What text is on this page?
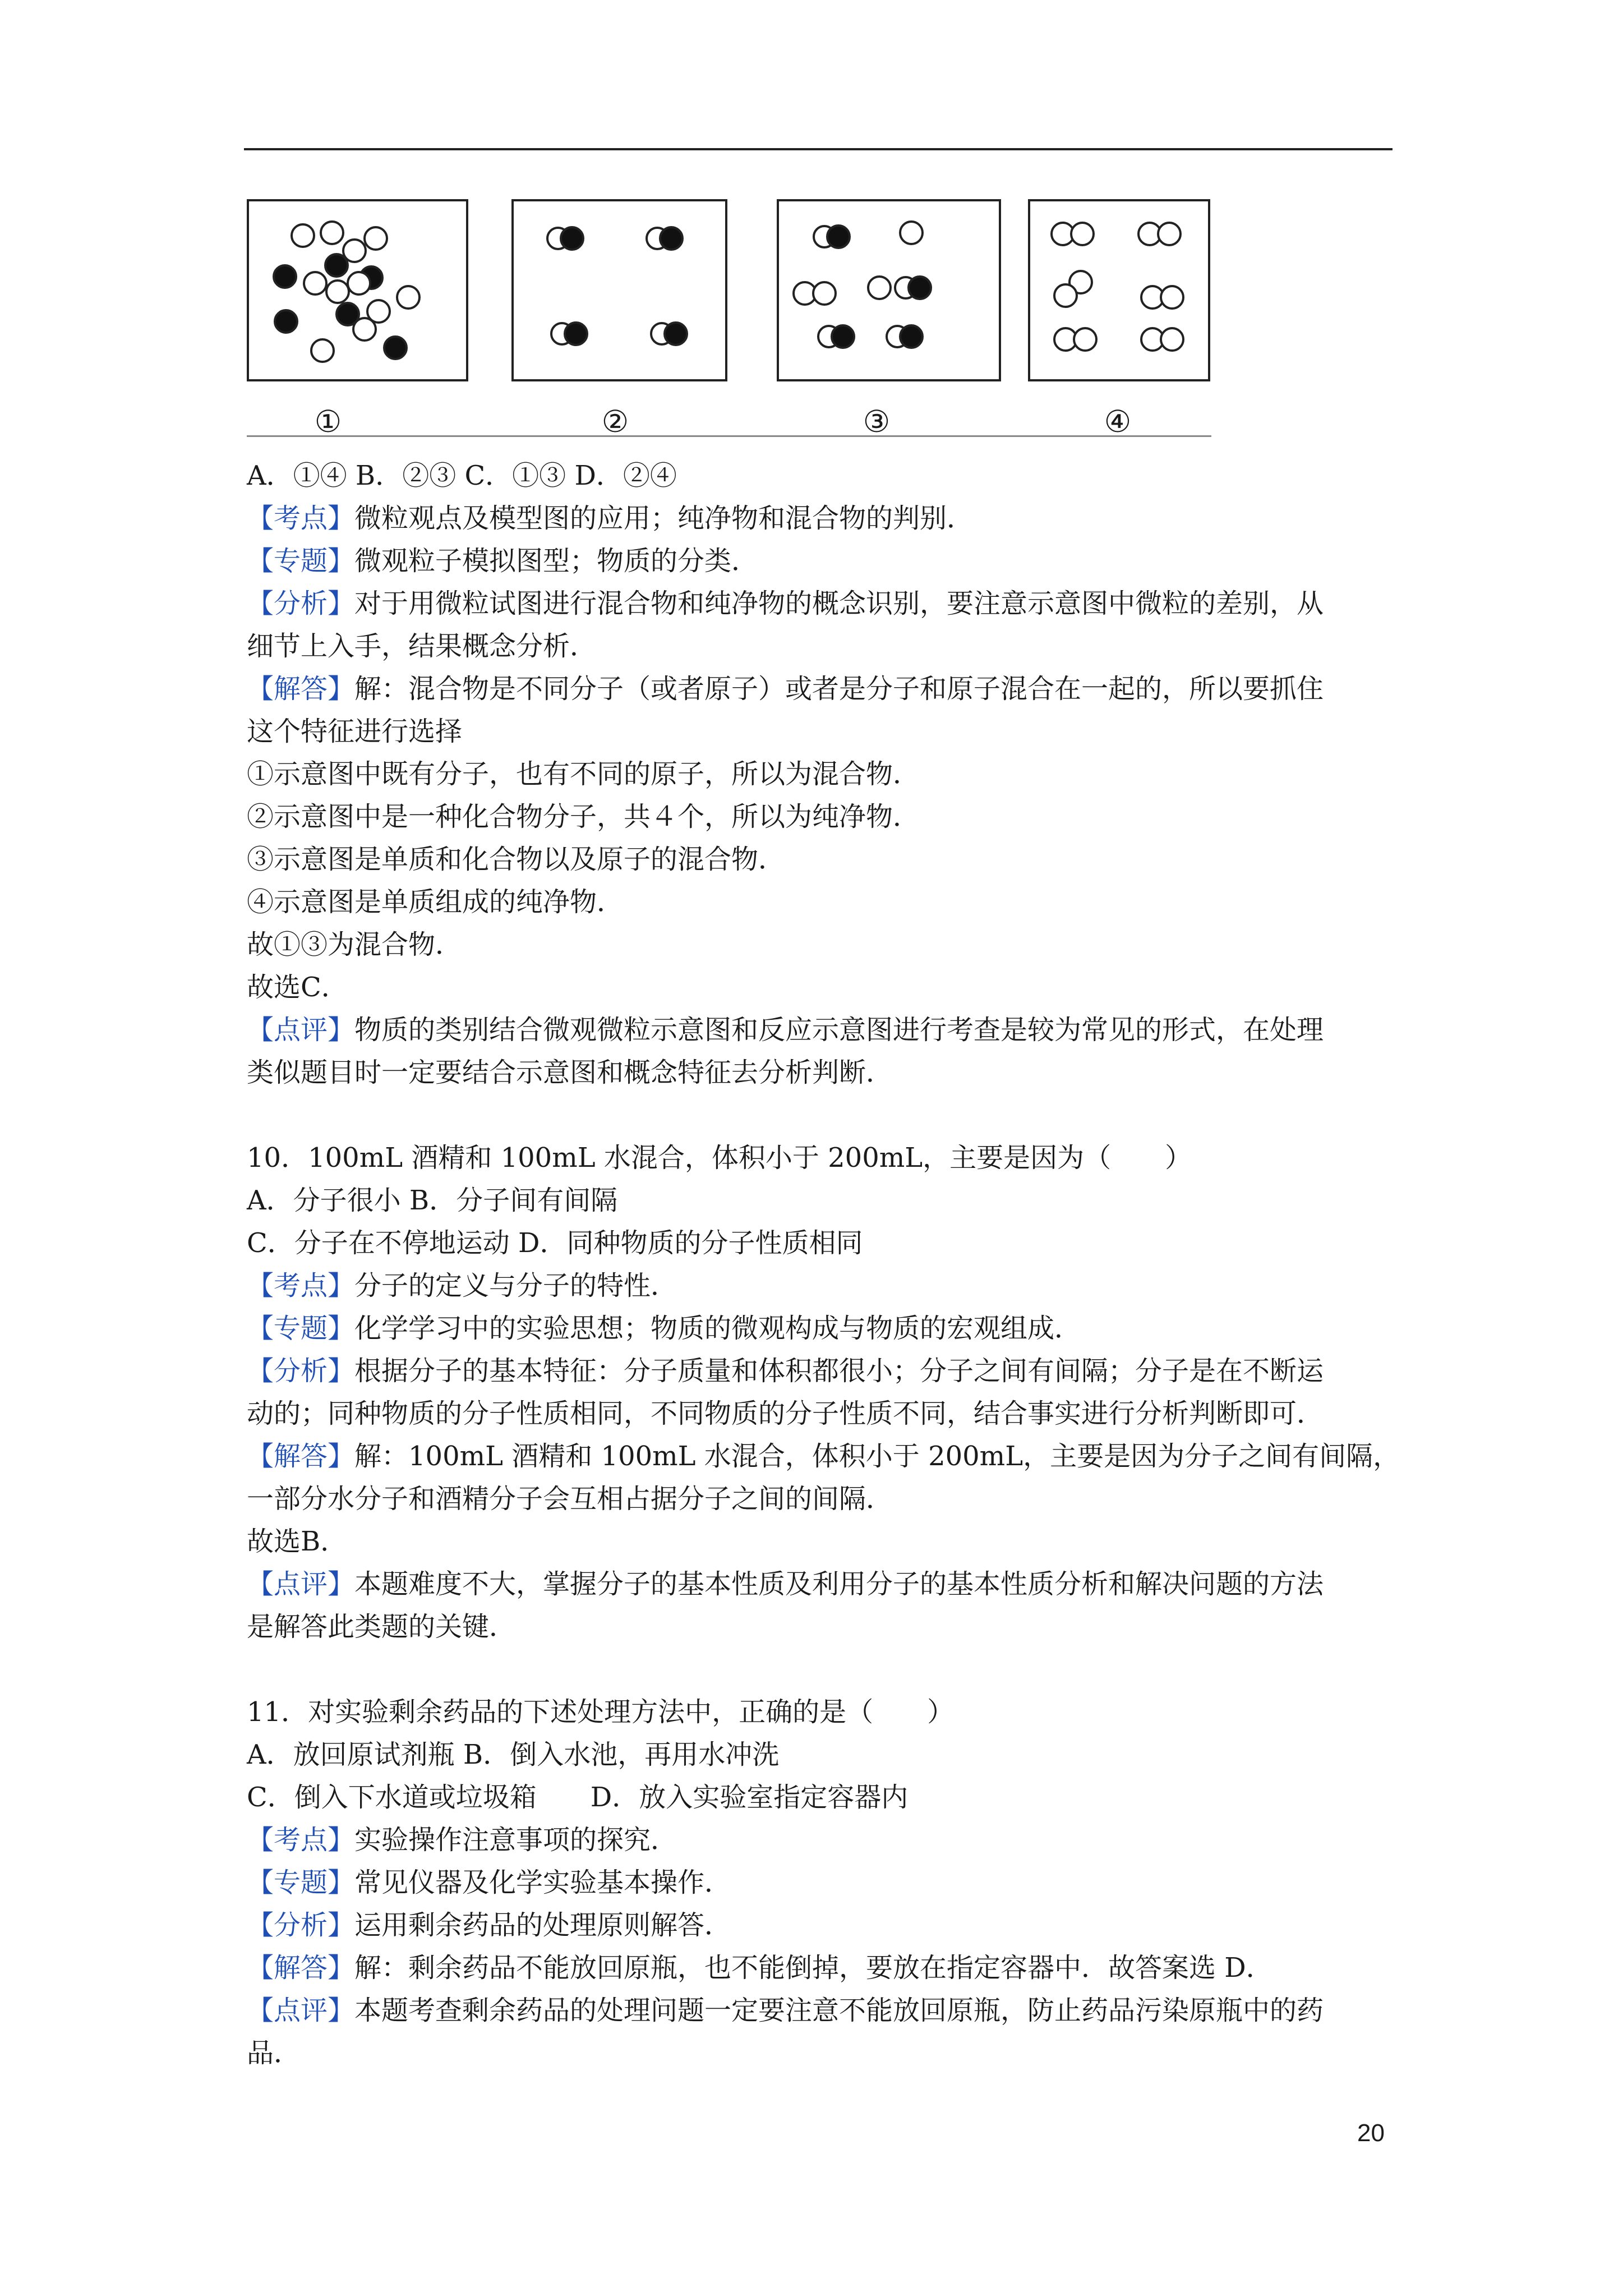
①	②	③	④
A．①④ B．②③ C．①③ D．②④
【考点】微粒观点及模型图的应用；纯净物和混合物的判别．
【专题】微观粒子模拟图型；物质的分类．
【分析】对于用微粒试图进行混合物和纯净物的概念识别，要注意示意图中微粒的差别，从
细节上入手，结果概念分析．
【解答】解：混合物是不同分子（或者原子）或者是分子和原子混合在一起的，所以要抓住
这个特征进行选择
①示意图中既有分子，也有不同的原子，所以为混合物．
②示意图中是一种化合物分子，共４个，所以为纯净物．
③示意图是单质和化合物以及原子的混合物．
④示意图是单质组成的纯净物．
故①③为混合物．
故选C．
【点评】物质的类别结合微观微粒示意图和反应示意图进行考查是较为常见的形式，在处理
类似题目时一定要结合示意图和概念特征去分析判断．
10．100mL 酒精和 100mL 水混合，体积小于 200mL，主要是因为（　　）
A．分子很小 B．分子间有间隔
C．分子在不停地运动 D．同种物质的分子性质相同
【考点】分子的定义与分子的特性．
【专题】化学学习中的实验思想；物质的微观构成与物质的宏观组成．
【分析】根据分子的基本特征：分子质量和体积都很小；分子之间有间隔；分子是在不断运
动的；同种物质的分子性质相同，不同物质的分子性质不同，结合事实进行分析判断即可．
【解答】解：100mL 酒精和 100mL 水混合，体积小于 200mL，主要是因为分子之间有间隔，
一部分水分子和酒精分子会互相占据分子之间的间隔．
故选B．
【点评】本题难度不大，掌握分子的基本性质及利用分子的基本性质分析和解决问题的方法
是解答此类题的关键．
11．对实验剩余药品的下述处理方法中，正确的是（　　）
A．放回原试剂瓶 B．倒入水池，再用水冲洗
C．倒入下水道或垃圾箱　　D．放入实验室指定容器内
【考点】实验操作注意事项的探究．
【专题】常见仪器及化学实验基本操作．
【分析】运用剩余药品的处理原则解答．
【解答】解：剩余药品不能放回原瓶，也不能倒掉，要放在指定容器中．故答案选 D．
【点评】本题考查剩余药品的处理问题一定要注意不能放回原瓶，防止药品污染原瓶中的药
品．
20
